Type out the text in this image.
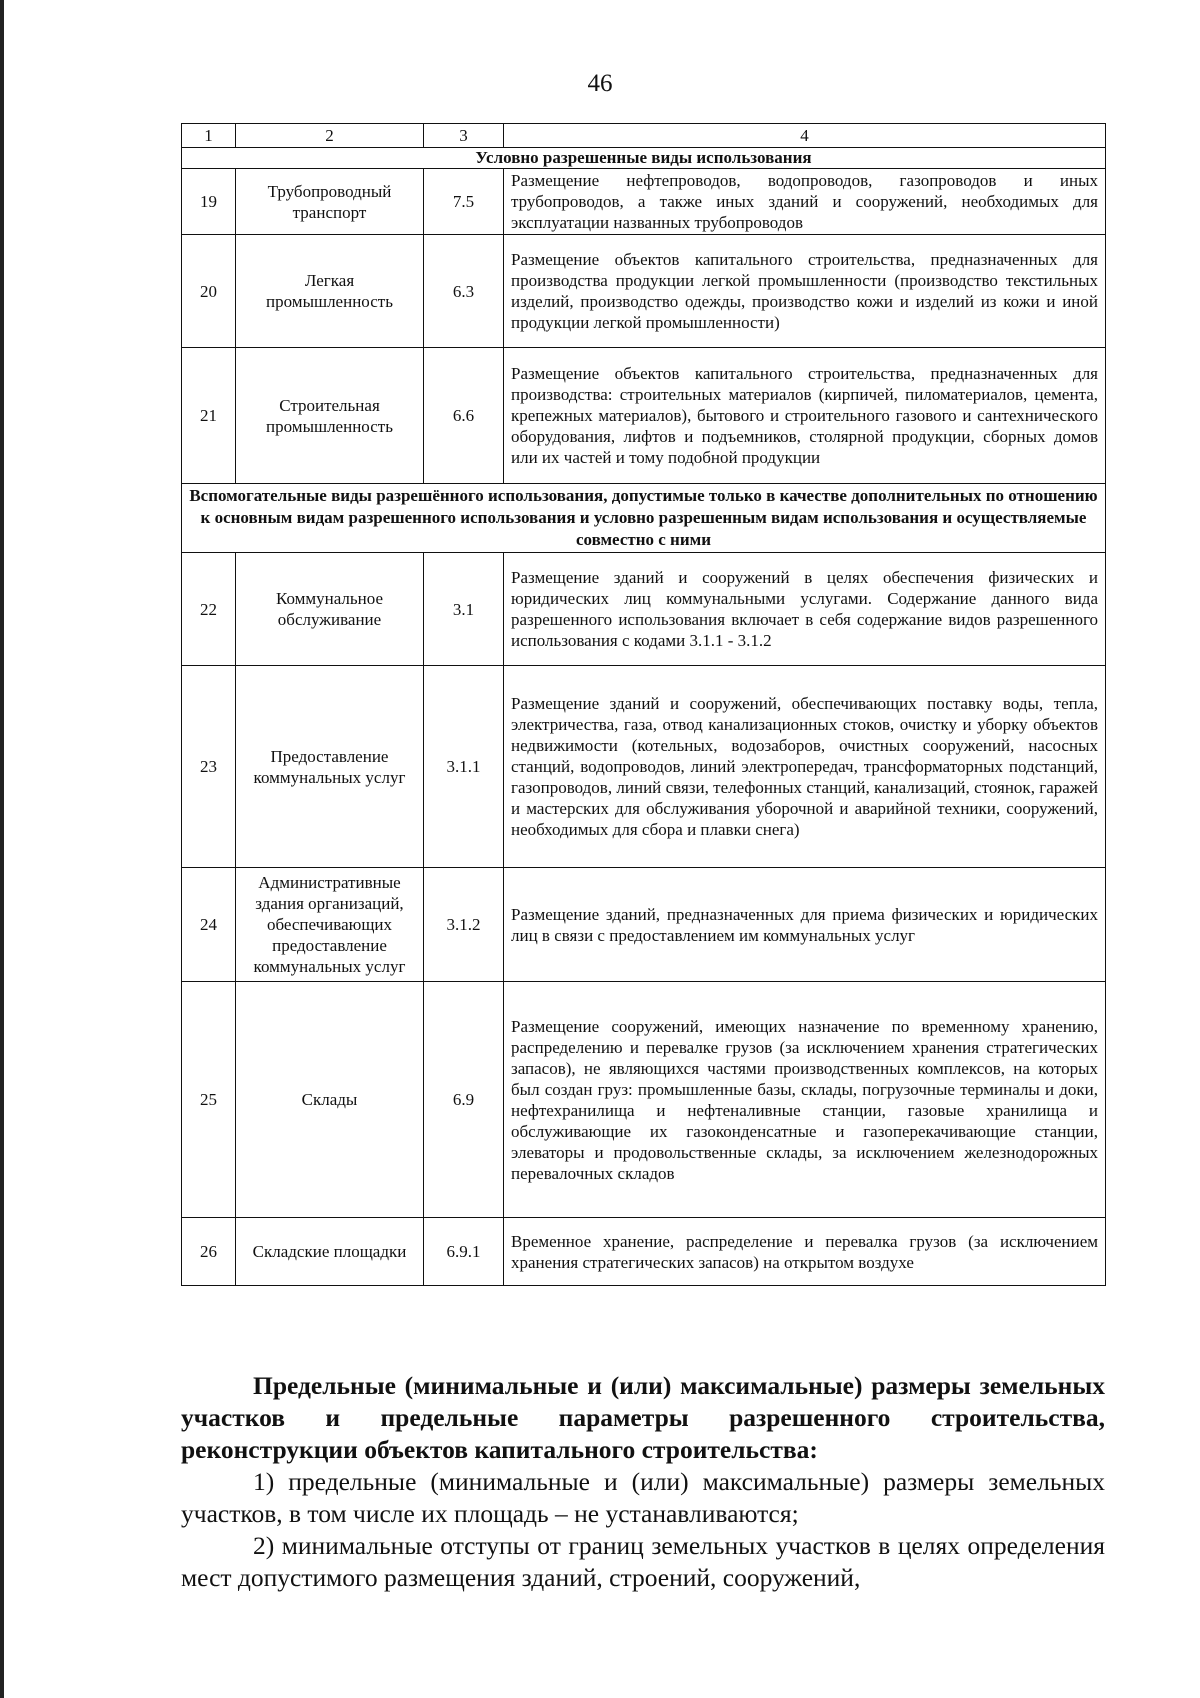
46
1	2	3	4
Условно разрешенные виды использования			
19	Трубопроводный транспорт	7.5	Размещение нефтепроводов, водопроводов, газопроводов и иных трубопроводов, а также иных зданий и сооружений, необходимых для эксплуатации названных трубопроводов
20	Легкая промышленность	6.3	Размещение объектов капитального строительства, предназначенных для производства продукции легкой промышленности (производство текстильных изделий, производство одежды, производство кожи и изделий из кожи и иной продукции легкой промышленности)
21	Строительная промышленность	6.6	Размещение объектов капитального строительства, предназначенных для производства: строительных материалов (кирпичей, пиломатериалов, цемента, крепежных материалов), бытового и строительного газового и сантехнического оборудования, лифтов и подъемников, столярной продукции, сборных домов или их частей и тому подобной продукции
Вспомогательные виды разрешённого использования, допустимые только в качестве дополнительных по отношению к основным видам разрешенного использования и условно разрешенным видам использования и осуществляемые совместно с ними			
22	Коммунальное обслуживание	3.1	Размещение зданий и сооружений в целях обеспечения физических и юридических лиц коммунальными услугами. Содержание данного вида разрешенного использования включает в себя содержание видов разрешенного использования с кодами 3.1.1 - 3.1.2
23	Предоставление коммунальных услуг	3.1.1	Размещение зданий и сооружений, обеспечивающих поставку воды, тепла, электричества, газа, отвод канализационных стоков, очистку и уборку объектов недвижимости (котельных, водозаборов, очистных сооружений, насосных станций, водопроводов, линий электропередач, трансформаторных подстанций, газопроводов, линий связи, телефонных станций, канализаций, стоянок, гаражей и мастерских для обслуживания уборочной и аварийной техники, сооружений, необходимых для сбора и плавки снега)
24	Административные здания организаций, обеспечивающих предоставление коммунальных услуг	3.1.2	Размещение зданий, предназначенных для приема физических и юридических лиц в связи с предоставлением им коммунальных услуг
25	Склады	6.9	Размещение сооружений, имеющих назначение по временному хранению, распределению и перевалке грузов (за исключением хранения стратегических запасов), не являющихся частями производственных комплексов, на которых был создан груз: промышленные базы, склады, погрузочные терминалы и доки, нефтехранилища и нефтеналивные станции, газовые хранилища и обслуживающие их газоконденсатные и газоперекачивающие станции, элеваторы и продовольственные склады, за исключением железнодорожных перевалочных складов
26	Складские площадки	6.9.1	Временное хранение, распределение и перевалка грузов (за исключением хранения стратегических запасов) на открытом воздухе

Предельные (минимальные и (или) максимальные) размеры земельных участков и предельные параметры разрешенного строительства, реконструкции объектов капитального строительства:

1) предельные (минимальные и (или) максимальные) размеры земельных участков, в том числе их площадь – не устанавливаются;

2) минимальные отступы от границ земельных участков в целях определения мест допустимого размещения зданий, строений, сооружений,
